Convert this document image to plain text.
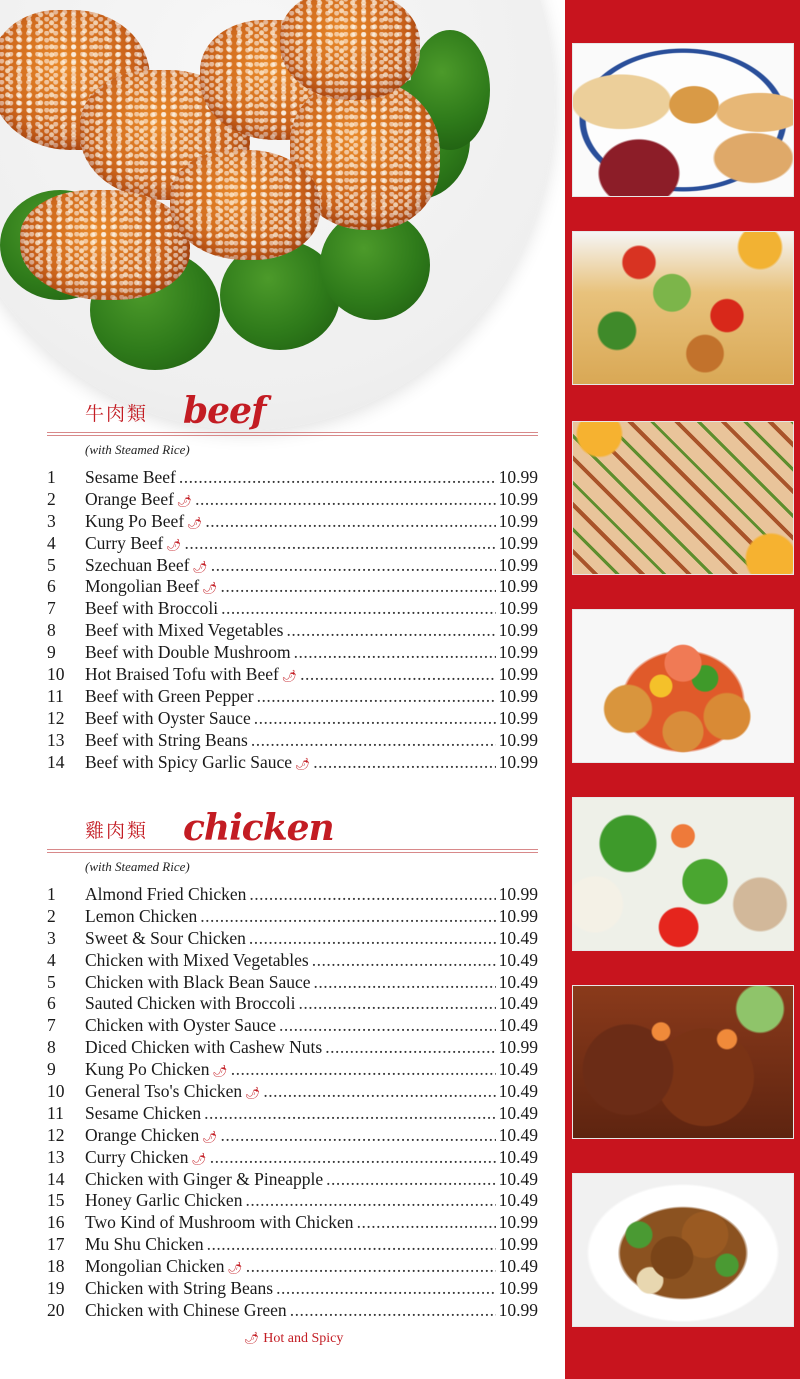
牛肉類 beef
(with Steamed Rice)
1	Sesame Beef .....	10.99
2	Orange Beef 🌶 .....	10.99
3	Kung Po Beef 🌶 .....	10.99
4	Curry Beef 🌶 .....	10.99
5	Szechuan Beef 🌶 .....	10.99
6	Mongolian Beef 🌶 .....	10.99
7	Beef with Broccoli .....	10.99
8	Beef with Mixed Vegetables .....	10.99
9	Beef with Double Mushroom .....	10.99
10	Hot Braised Tofu with Beef 🌶 .....	10.99
11	Beef with Green Pepper .....	10.99
12	Beef with Oyster Sauce .....	10.99
13	Beef with String Beans .....	10.99
14	Beef with Spicy Garlic Sauce 🌶 .....	10.99
雞肉類 chicken
(with Steamed Rice)
1	Almond Fried Chicken .....	10.99
2	Lemon Chicken .....	10.99
3	Sweet & Sour Chicken .....	10.49
4	Chicken with Mixed Vegetables .....	10.49
5	Chicken with Black Bean Sauce .....	10.49
6	Sauted Chicken with Broccoli .....	10.49
7	Chicken with Oyster Sauce .....	10.49
8	Diced Chicken with Cashew Nuts .....	10.99
9	Kung Po Chicken 🌶 .....	10.49
10	General Tso's Chicken 🌶 .....	10.49
11	Sesame Chicken .....	10.49
12	Orange Chicken 🌶 .....	10.49
13	Curry Chicken 🌶 .....	10.49
14	Chicken with Ginger & Pineapple .....	10.49
15	Honey Garlic Chicken .....	10.49
16	Two Kind of Mushroom with Chicken .....	10.99
17	Mu Shu Chicken .....	10.99
18	Mongolian Chicken 🌶 .....	10.49
19	Chicken with String Beans .....	10.99
20	Chicken with Chinese Green .....	10.99
🌶 Hot and Spicy
